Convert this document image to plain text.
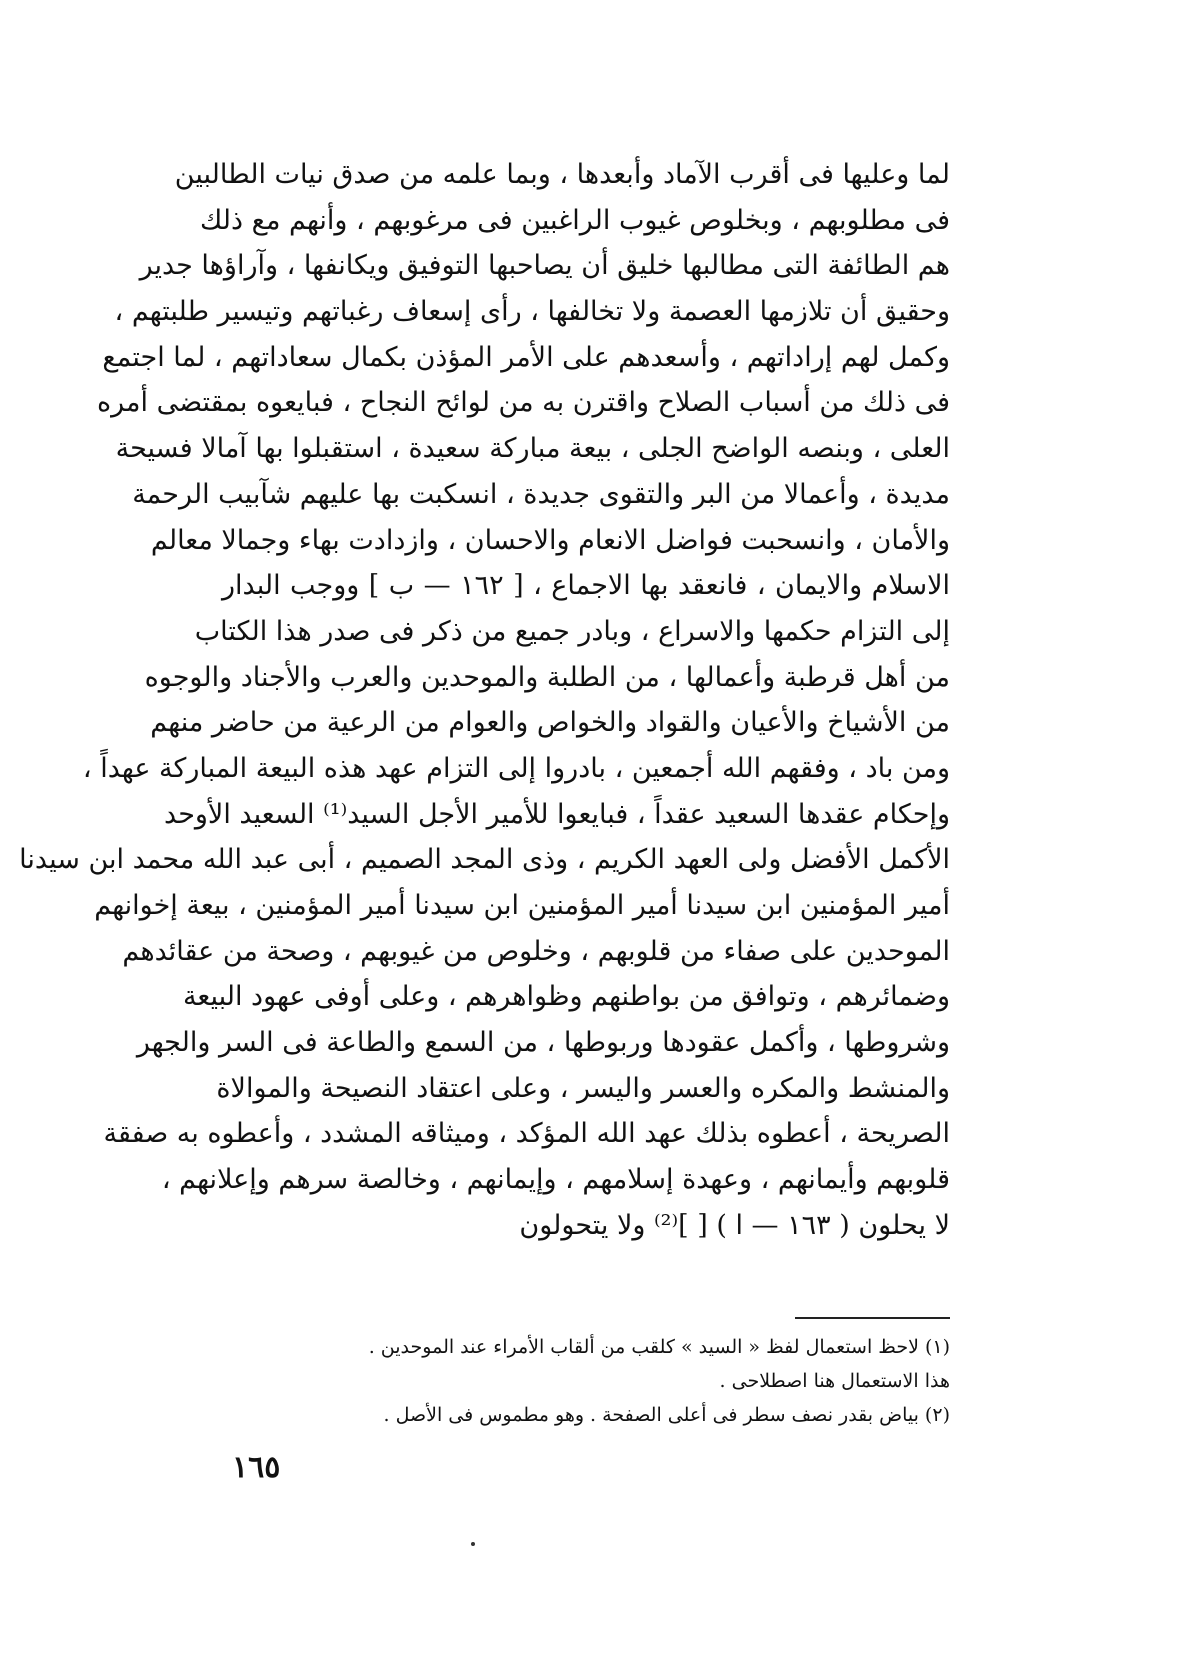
لما وعليها فى أقرب الآماد وأبعدها ، وبما علمه من صدق نيات الطالبين
فى مطلوبهم ، وبخلوص غيوب الراغبين فى مرغوبهم ، وأنهم مع ذلك
هم الطائفة التى مطالبها خليق أن يصاحبها التوفيق ويكانفها ، وآراؤها جدير
وحقيق أن تلازمها العصمة ولا تخالفها ، رأى إسعاف رغباتهم وتيسير طلبتهم ،
وكمل لهم إراداتهم ، وأسعدهم على الأمر المؤذن بكمال سعاداتهم ، لما اجتمع
فى ذلك من أسباب الصلاح واقترن به من لوائح النجاح ، فبايعوه بمقتضى أمره
العلى ، وبنصه الواضح الجلى ، بيعة مباركة سعيدة ، استقبلوا بها آمالا فسيحة
مديدة ، وأعمالا من البر والتقوى جديدة ، انسكبت بها عليهم شآبيب الرحمة
والأمان ، وانسحبت فواضل الانعام والاحسان ، وازدادت بهاء وجمالا معالم
الاسلام والايمان ، فانعقد بها الاجماع ، [ ١٦٢ — ب ] ووجب البدار
إلى التزام حكمها والاسراع ، وبادر جميع من ذكر فى صدر هذا الكتاب
من أهل قرطبة وأعمالها ، من الطلبة والموحدين والعرب والأجناد والوجوه
من الأشياخ والأعيان والقواد والخواص والعوام من الرعية من حاضر منهم
ومن باد ، وفقهم الله أجمعين ، بادروا إلى التزام عهد هذه البيعة المباركة عهداً ،
وإحكام عقدها السعيد عقداً ، فبايعوا للأمير الأجل السيد⁽¹⁾ السعيد الأوحد
الأكمل الأفضل ولى العهد الكريم ، وذى المجد الصميم ، أبى عبد الله محمد ابن سيدنا
أمير المؤمنين ابن سيدنا أمير المؤمنين ابن سيدنا أمير المؤمنين ، بيعة إخوانهم
الموحدين على صفاء من قلوبهم ، وخلوص من غيوبهم ، وصحة من عقائدهم
وضمائرهم ، وتوافق من بواطنهم وظواهرهم ، وعلى أوفى عهود البيعة
وشروطها ، وأكمل عقودها وربوطها ، من السمع والطاعة فى السر والجهر
والمنشط والمكره والعسر واليسر ، وعلى اعتقاد النصيحة والموالاة
الصريحة ، أعطوه بذلك عهد الله المؤكد ، وميثاقه المشدد ، وأعطوه به صفقة
قلوبهم وأيمانهم ، وعهدة إسلامهم ، وإيمانهم ، وخالصة سرهم وإعلانهم ،
لا يحلون ( ١٦٣ — ا ) [ ]⁽²⁾ ولا يتحولون
(١) لاحظ استعمال لفظ « السيد » كلقب من ألقاب الأمراء عند الموحدين .
هذا الاستعمال هنا اصطلاحى .
(٢) بياض بقدر نصف سطر فى أعلى الصفحة . وهو مطموس فى الأصل .
١٦٥
